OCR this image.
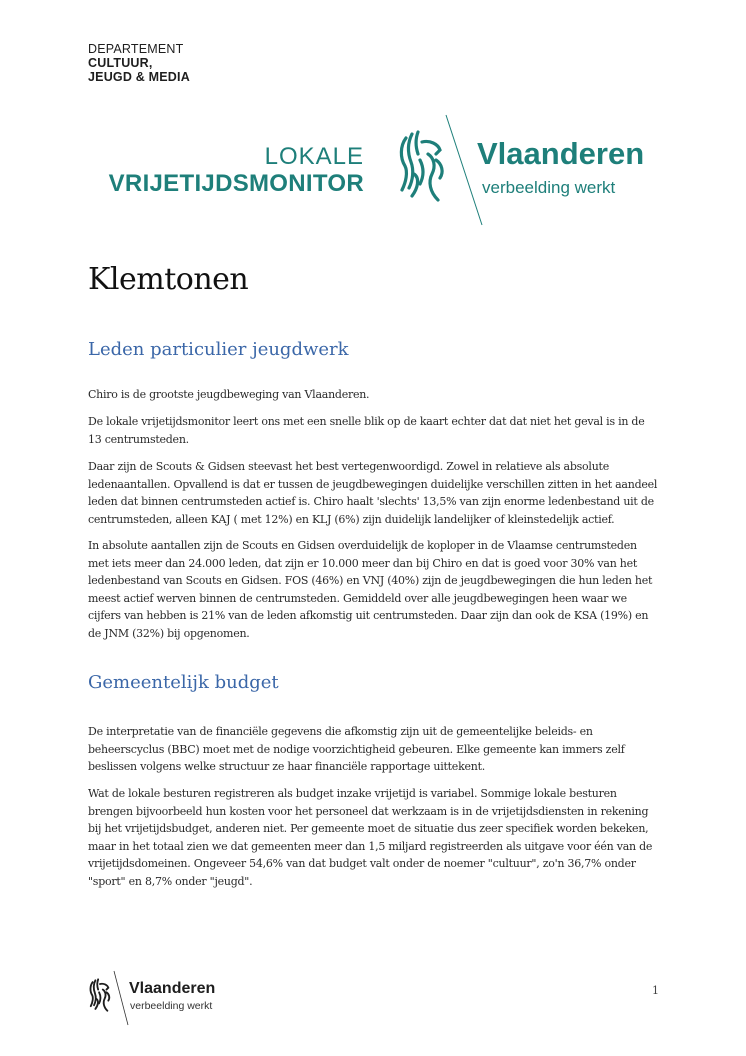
DEPARTEMENT
CULTUUR,
JEUGD & MEDIA
LOKALE
VRIJETIJDSMONITOR
Vlaanderen
verbeelding werkt
Klemtonen
Leden particulier jeugdwerk

Chiro is de grootste jeugdbeweging van Vlaanderen.

De lokale vrijetijdsmonitor leert ons met een snelle blik op de kaart echter dat dat niet het geval is in de 13 centrumsteden.

Daar zijn de Scouts & Gidsen steevast het best vertegenwoordigd. Zowel in relatieve als absolute ledenaantallen. Opvallend is dat er tussen de jeugdbewegingen duidelijke verschillen zitten in het aandeel leden dat binnen centrumsteden actief is. Chiro haalt 'slechts' 13,5% van zijn enorme ledenbestand uit de centrumsteden, alleen KAJ ( met 12%) en KLJ (6%) zijn duidelijk landelijker of kleinstedelijk actief.

In absolute aantallen zijn de Scouts en Gidsen overduidelijk de koploper in de Vlaamse centrumsteden met iets meer dan 24.000 leden, dat zijn er 10.000 meer dan bij Chiro en dat is goed voor 30% van het ledenbestand van Scouts en Gidsen. FOS (46%) en VNJ (40%) zijn de jeugdbewegingen die hun leden het meest actief werven binnen de centrumsteden. Gemiddeld over alle jeugdbewegingen heen waar we cijfers van hebben is 21% van de leden afkomstig uit centrumsteden. Daar zijn dan ook de KSA (19%) en de JNM (32%) bij opgenomen.

Gemeentelijk budget

De interpretatie van de financiële gegevens die afkomstig zijn uit de gemeentelijke beleids- en beheerscyclus (BBC) moet met de nodige voorzichtigheid gebeuren. Elke gemeente kan immers zelf beslissen volgens welke structuur ze haar financiële rapportage uittekent.

Wat de lokale besturen registreren als budget inzake vrijetijd is variabel. Sommige lokale besturen brengen bijvoorbeeld hun kosten voor het personeel dat werkzaam is in de vrijetijdsdiensten in rekening bij het vrijetijdsbudget, anderen niet. Per gemeente moet de situatie dus zeer specifiek worden bekeken, maar in het totaal zien we dat gemeenten meer dan 1,5 miljard registreerden als uitgave voor één van de vrijetijdsdomeinen. Ongeveer 54,6% van dat budget valt onder de noemer "cultuur", zo'n 36,7% onder "sport" en 8,7% onder "jeugd".

Vlaanderen
verbeelding werkt
1
